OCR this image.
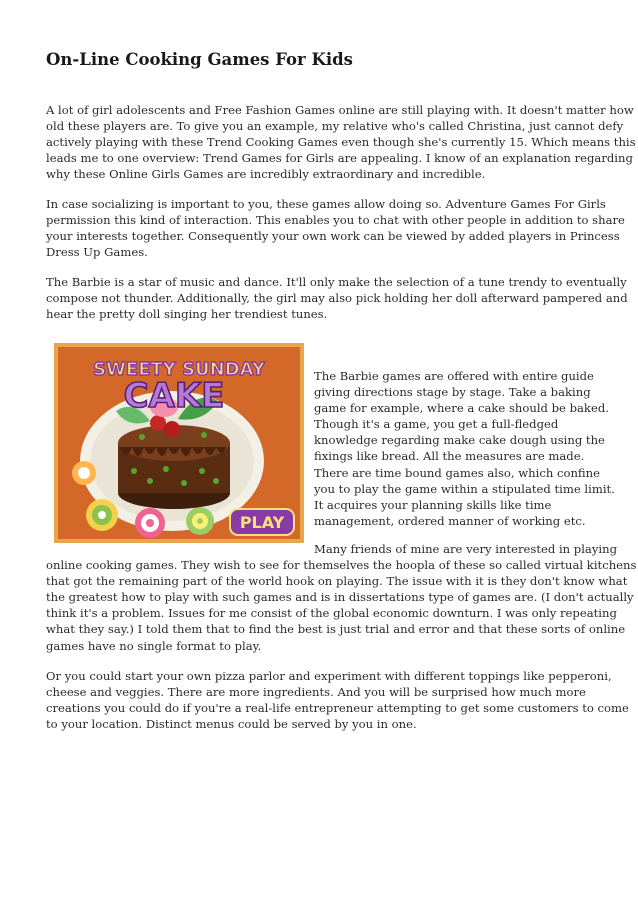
On-Line Cooking Games For Kids

A lot of girl adolescents and Free Fashion Games online are still playing with. It doesn't matter how
old these players are. To give you an example, my relative who's called Christina, just cannot defy
actively playing with these Trend Cooking Games even though she's currently 15. Which means this
leads me to one overview: Trend Games for Girls are appealing. I know of an explanation regarding
why these Online Girls Games are incredibly extraordinary and incredible.

In case socializing is important to you, these games allow doing so. Adventure Games For Girls
permission this kind of interaction. This enables you to chat with other people in addition to share
your interests together. Consequently your own work can be viewed by added players in Princess
Dress Up Games.

The Barbie is a star of music and dance. It'll only make the selection of a tune trendy to eventually
compose not thunder. Additionally, the girl may also pick holding her doll afterward pampered and
hear the pretty doll singing her trendiest tunes.

SWEETY SUNDAY
CAKE
PLAY

The Barbie games are offered with entire guide
giving directions stage by stage. Take a baking
game for example, where a cake should be baked.
Though it's a game, you get a full-fledged
knowledge regarding make cake dough using the
fixings like bread. All the measures are made.
There are time bound games also, which confine
you to play the game within a stipulated time limit.
It acquires your planning skills like time
management, ordered manner of working etc.

Many friends of mine are very interested in playing
online cooking games. They wish to see for themselves the hoopla of these so called virtual kitchens
that got the remaining part of the world hook on playing. The issue with it is they don't know what
the greatest how to play with such games and is in dissertations type of games are. (I don't actually
think it's a problem. Issues for me consist of the global economic downturn. I was only repeating
what they say.) I told them that to find the best is just trial and error and that these sorts of online
games have no single format to play.

Or you could start your own pizza parlor and experiment with different toppings like pepperoni,
cheese and veggies. There are more ingredients. And you will be surprised how much more
creations you could do if you're a real-life entrepreneur attempting to get some customers to come
to your location. Distinct menus could be served by you in one.
